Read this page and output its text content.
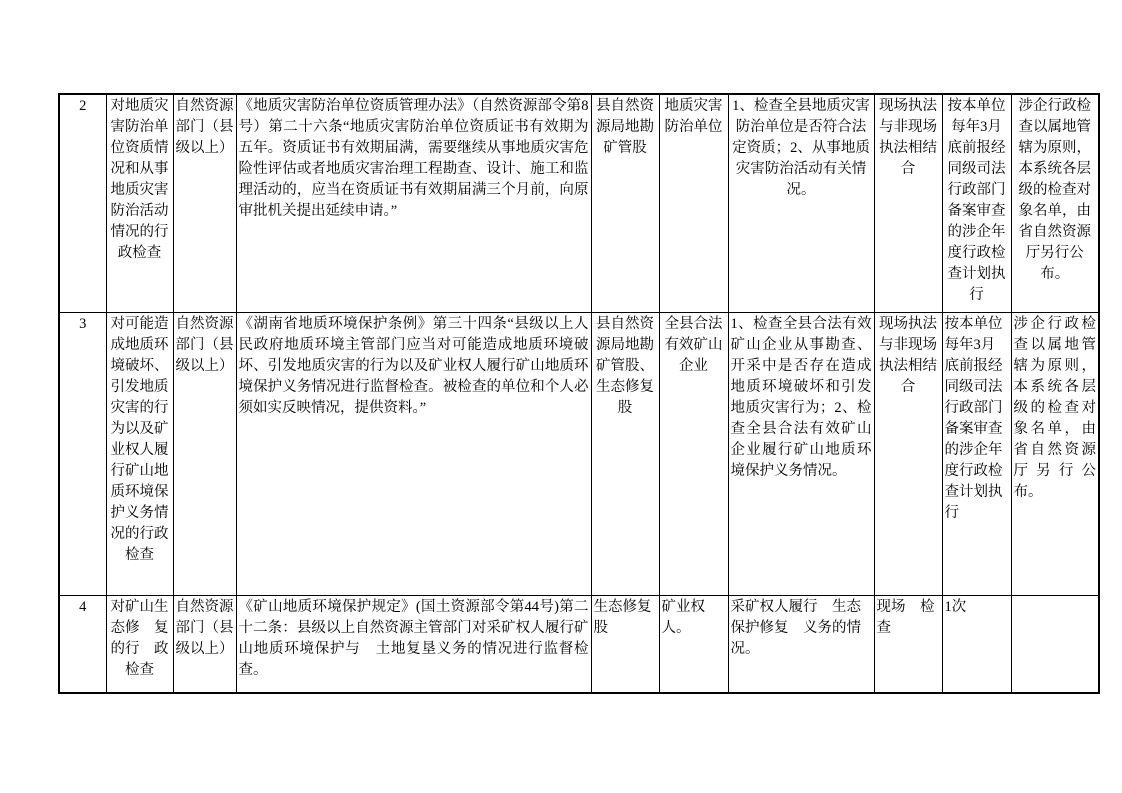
2	对地质灾害防治单位资质情况和从事地质灾害防治活动情况的行政检查	自然资源部门（县级以上）	《地质灾害防治单位资质管理办法》（自然资源部令第8号）第二十六条“地质灾害防治单位资质证书有效期为五年。资质证书有效期届满，需要继续从事地质灾害危险性评估或者地质灾害治理工程勘查、设计、施工和监理活动的，应当在资质证书有效期届满三个月前，向原审批机关提出延续申请。”	县自然资源局地勘矿管股	地质灾害防治单位	1、检查全县地质灾害防治单位是否符合法定资质；2、从事地质灾害防治活动有关情况。	现场执法与非现场执法相结合	按本单位每年3月底前报经同级司法行政部门备案审查的涉企年度行政检查计划执行	涉企行政检查以属地管辖为原则，本系统各层级的检查对象名单，由省自然资源厅另行公布。
3	对可能造成地质环境破坏、引发地质灾害的行为以及矿业权人履行矿山地质环境保护义务情况的行政检查	自然资源部门（县级以上）	《湖南省地质环境保护条例》第三十四条“县级以上人民政府地质环境主管部门应当对可能造成地质环境破坏、引发地质灾害的行为以及矿业权人履行矿山地质环境保护义务情况进行监督检查。被检查的单位和个人必须如实反映情况，提供资料。”	县自然资源局地勘矿管股、生态修复股	全县合法有效矿山企业	1、检查全县合法有效矿山企业从事勘查、开采中是否存在造成地质环境破坏和引发地质灾害行为；2、检查全县合法有效矿山企业履行矿山地质环境保护义务情况。	现场执法与非现场执法相结合	按本单位每年3月底前报经同级司法行政部门备案审查的涉企年度行政检查计划执行	涉企行政检查以属地管辖为原则，本系统各层级的检查对象名单，由省自然资源厅另行公布。
4	对矿山生态修　复的行　政检查	自然资源部门（县级以上）	《矿山地质环境保护规定》(国土资源部令第44号)第二十二条：县级以上自然资源主管部门对采矿权人履行矿山地质环境保护与　土地复垦义务的情况进行监督检查。	生态修复股	矿业权人。	采矿权人履行　生态保护修复　义务的情况。	现场　检查	1次	
